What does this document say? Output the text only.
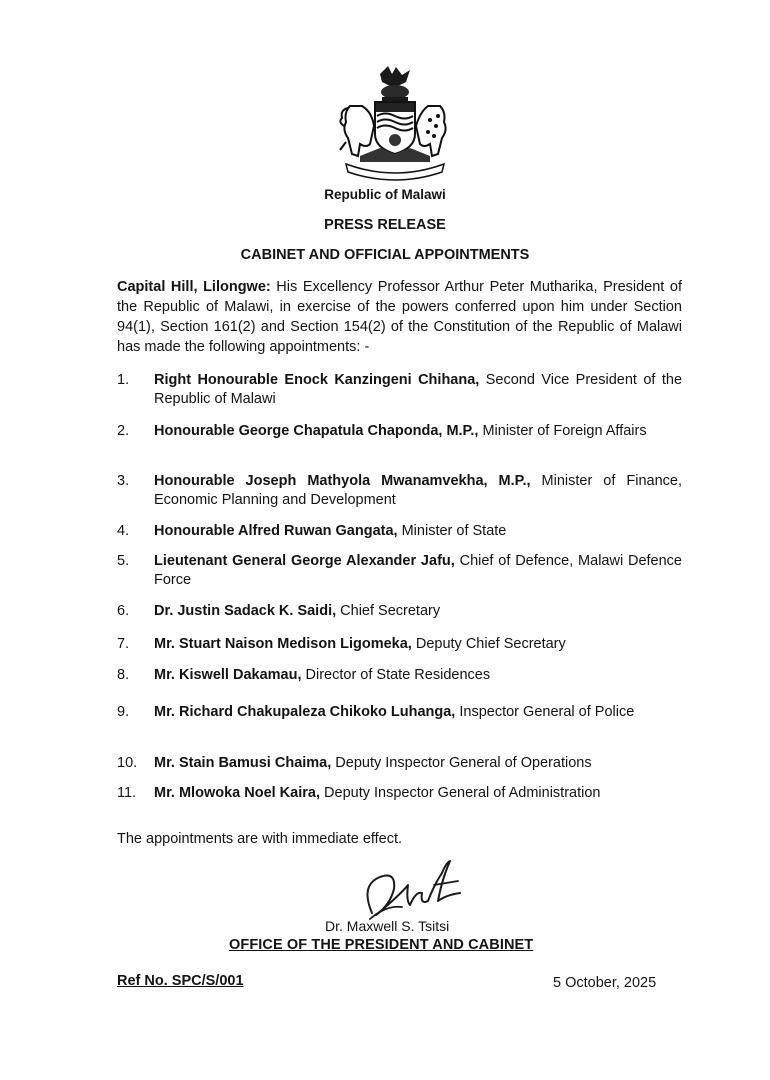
Republic of Malawi
PRESS RELEASE
CABINET AND OFFICIAL APPOINTMENTS

Capital Hill, Lilongwe: His Excellency Professor Arthur Peter Mutharika, President of the Republic of Malawi, in exercise of the powers conferred upon him under Section 94(1), Section 161(2) and Section 154(2) of the Constitution of the Republic of Malawi has made the following appointments: -

1.	Right Honourable Enock Kanzingeni Chihana, Second Vice President of the Republic of Malawi
2.	Honourable George Chapatula Chaponda, M.P., Minister of Foreign Affairs
3.	Honourable Joseph Mathyola Mwanamvekha, M.P., Minister of Finance, Economic Planning and Development
4.	Honourable Alfred Ruwan Gangata, Minister of State
5.	Lieutenant General George Alexander Jafu, Chief of Defence, Malawi Defence Force
6.	Dr. Justin Sadack K. Saidi, Chief Secretary
7.	Mr. Stuart Naison Medison Ligomeka, Deputy Chief Secretary
8.	Mr. Kiswell Dakamau, Director of State Residences
9.	Mr. Richard Chakupaleza Chikoko Luhanga, Inspector General of Police
10.	Mr. Stain Bamusi Chaima, Deputy Inspector General of Operations
11.	Mr. Mlowoka Noel Kaira, Deputy Inspector General of Administration
The appointments are with immediate effect.
Dr. Maxwell S. Tsitsi
OFFICE OF THE PRESIDENT AND CABINET
Ref No. SPC/S/001	5 October, 2025
